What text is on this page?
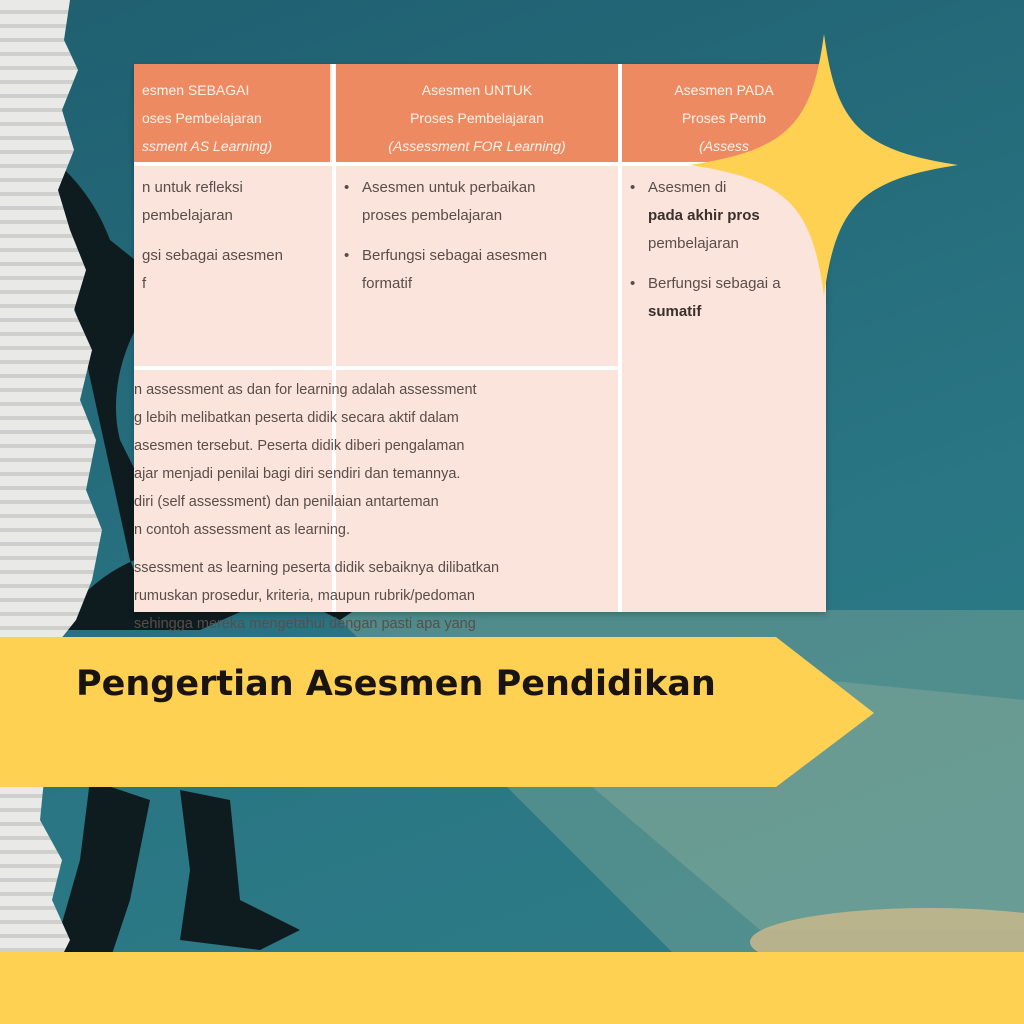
esmen SEBAGAI
oses Pembelajaran
ssment AS Learning)
n untuk refleksi
pembelajaran
gsi sebagai asesmen
f
Asesmen UNTUK
Proses Pembelajaran
(Assessment FOR Learning)
• Asesmen untuk perbaikan
proses pembelajaran
• Berfungsi sebagai asesmen
formatif
Asesmen PADA
Proses Pemb
(Assess
• Asesmen di
pada akhir pros
pembelajaran
• Berfungsi sebagai a
sumatif

n assessment as dan for learning adalah assessment
g lebih melibatkan peserta didik secara aktif dalam
asesmen tersebut. Peserta didik diberi pengalaman
ajar menjadi penilai bagi diri sendiri dan temannya.
diri (self assessment) dan penilaian antarteman
n contoh assessment as learning.

ssessment as learning peserta didik sebaiknya dilibatkan
rumuskan prosedur, kriteria, maupun rubrik/pedoman
sehingga mereka mengetahui dengan pasti apa yang

Pengertian Asesmen Pendidikan
